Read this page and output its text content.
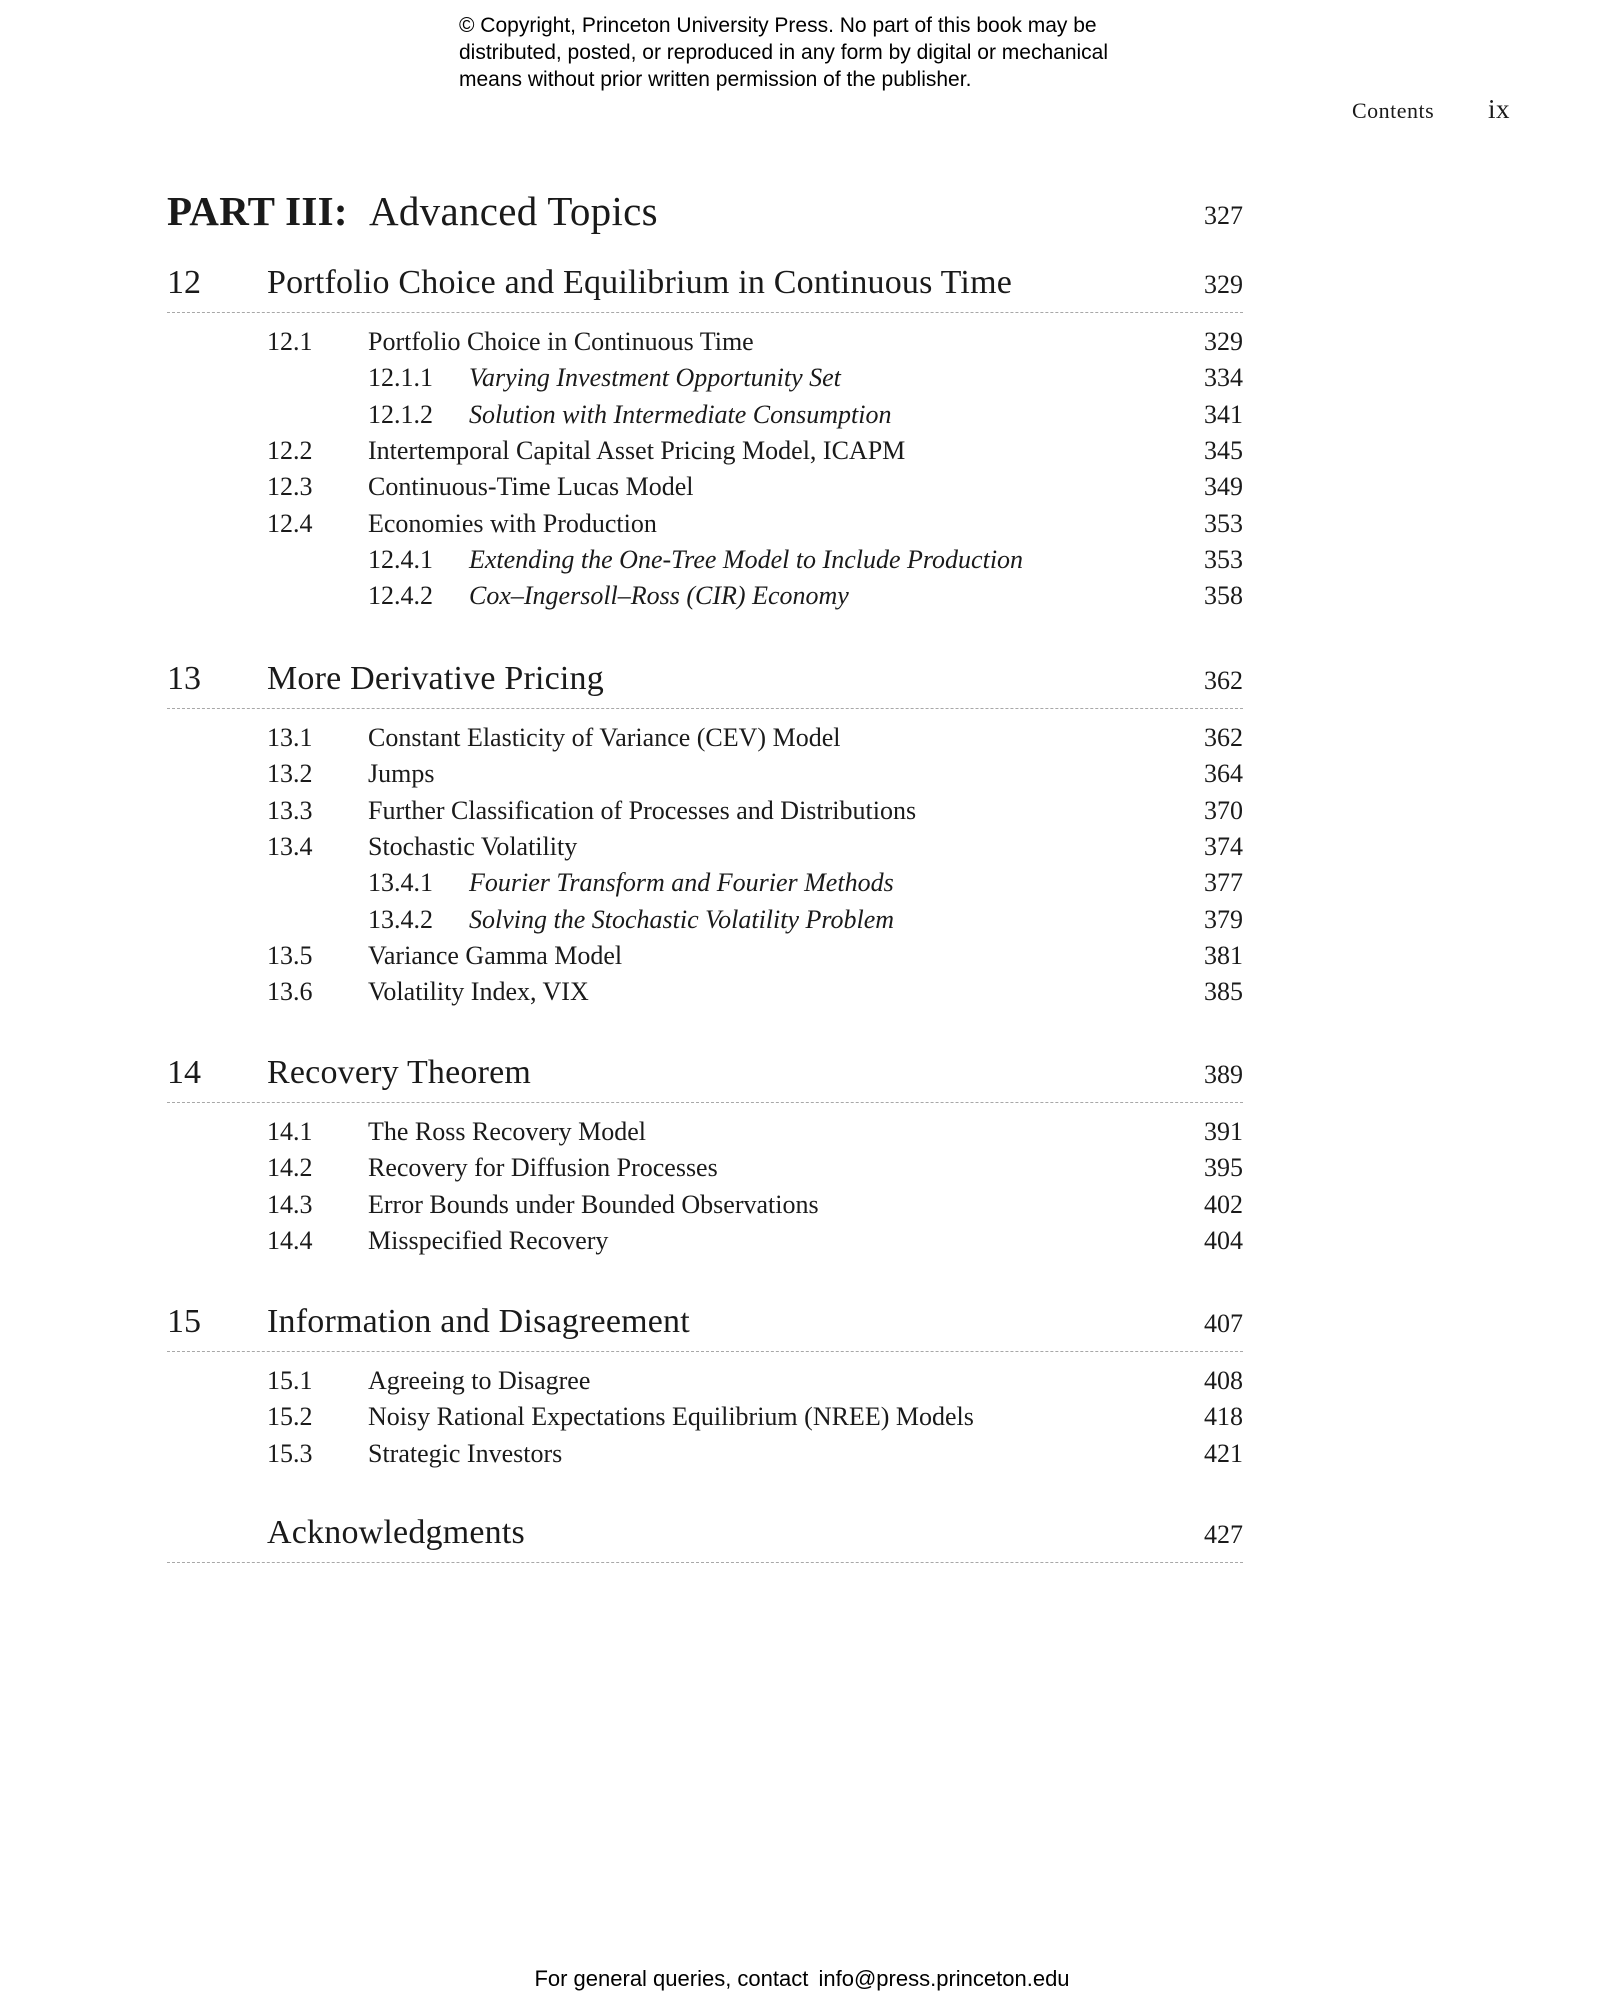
© Copyright, Princeton University Press. No part of this book may be
distributed, posted, or reproduced in any form by digital or mechanical
means without prior written permission of the publisher.
Contents ix
PART III: Advanced Topics	327
12 Portfolio Choice and Equilibrium in Continuous Time	329
12.1 Portfolio Choice in Continuous Time	329
12.1.1 Varying Investment Opportunity Set	334
12.1.2 Solution with Intermediate Consumption	341
12.2 Intertemporal Capital Asset Pricing Model, ICAPM	345
12.3 Continuous-Time Lucas Model	349
12.4 Economies with Production	353
12.4.1 Extending the One-Tree Model to Include Production	353
12.4.2 Cox–Ingersoll–Ross (CIR) Economy	358
13 More Derivative Pricing	362
13.1 Constant Elasticity of Variance (CEV) Model	362
13.2 Jumps	364
13.3 Further Classification of Processes and Distributions	370
13.4 Stochastic Volatility	374
13.4.1 Fourier Transform and Fourier Methods	377
13.4.2 Solving the Stochastic Volatility Problem	379
13.5 Variance Gamma Model	381
13.6 Volatility Index, VIX	385
14 Recovery Theorem	389
14.1 The Ross Recovery Model	391
14.2 Recovery for Diffusion Processes	395
14.3 Error Bounds under Bounded Observations	402
14.4 Misspecified Recovery	404
15 Information and Disagreement	407
15.1 Agreeing to Disagree	408
15.2 Noisy Rational Expectations Equilibrium (NREE) Models	418
15.3 Strategic Investors	421
Acknowledgments	427
For general queries, contact info@press.princeton.edu
